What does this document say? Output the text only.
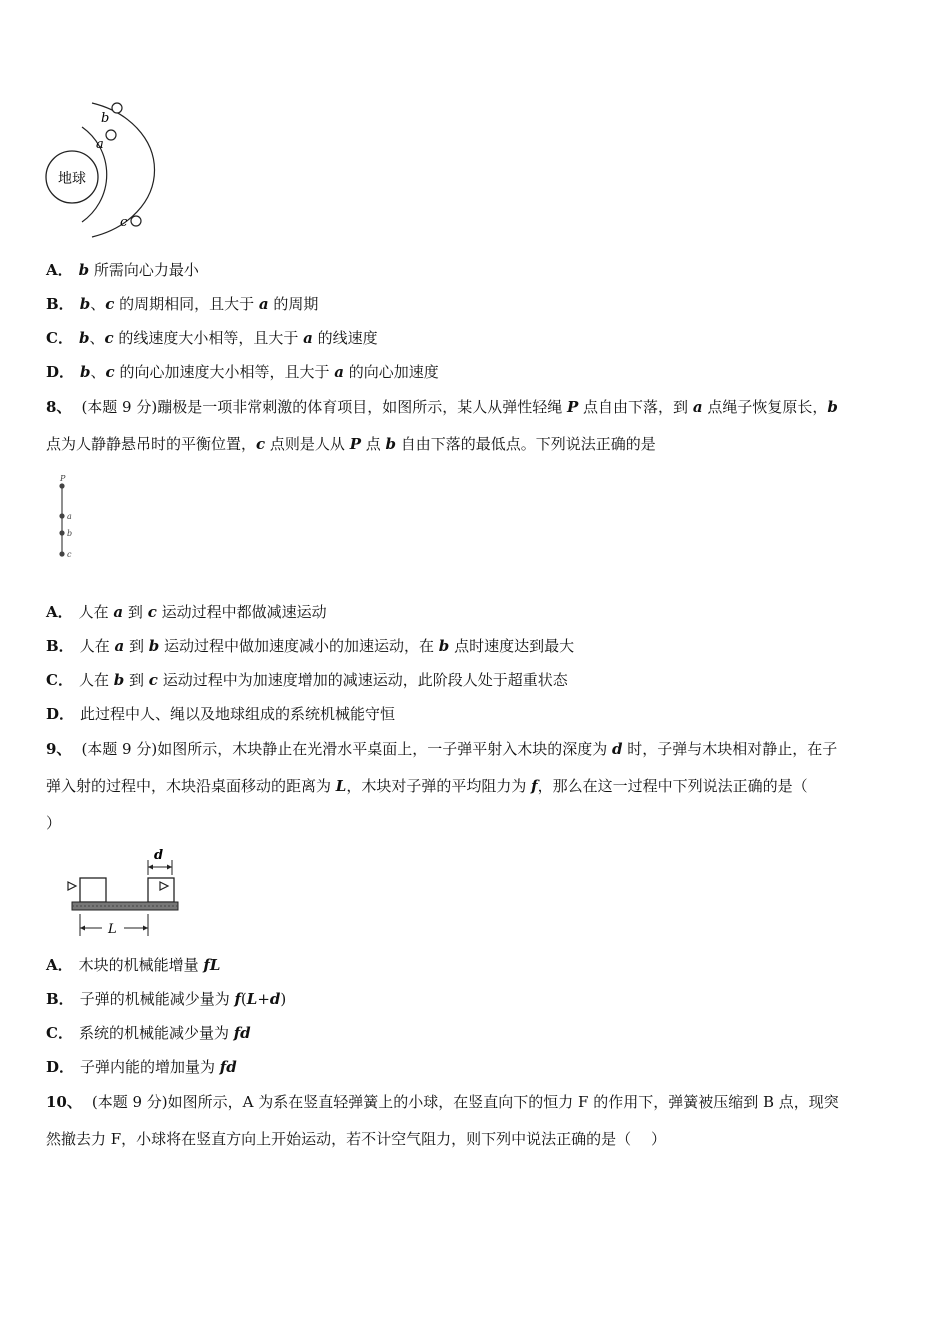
地球
b
a
c
A． b 所需向心力最小
B． b、c 的周期相同，且大于 a 的周期
C． b、c 的线速度大小相等，且大于 a 的线速度
D． b、c 的向心加速度大小相等，且大于 a 的向心加速度
8、 (本题 9 分)蹦极是一项非常刺激的体育项目，如图所示，某人从弹性轻绳 P 点自由下落，到 a 点绳子恢复原长，b
点为人静静悬吊时的平衡位置，c 点则是人从 P 点 b 自由下落的最低点。下列说法正确的是
P
a
b
c
A． 人在 a 到 c 运动过程中都做减速运动
B． 人在 a 到 b 运动过程中做加速度减小的加速运动，在 b 点时速度达到最大
C． 人在 b 到 c 运动过程中为加速度增加的减速运动，此阶段人处于超重状态
D． 此过程中人、绳以及地球组成的系统机械能守恒
9、 (本题 9 分)如图所示，木块静止在光滑水平桌面上，一子弹平射入木块的深度为 d 时，子弹与木块相对静止，在子
弹入射的过程中，木块沿桌面移动的距离为 L，木块对子弹的平均阻力为 f，那么在这一过程中下列说法正确的是（
）
d
L
A． 木块的机械能增量 fL
B． 子弹的机械能减少量为 f(L+d)
C． 系统的机械能减少量为 fd
D． 子弹内能的增加量为 fd
10、 (本题 9 分)如图所示，A 为系在竖直轻弹簧上的小球，在竖直向下的恒力 F 的作用下，弹簧被压缩到 B 点，现突
然撤去力 F，小球将在竖直方向上开始运动，若不计空气阻力，则下列中说法正确的是（　 ）
